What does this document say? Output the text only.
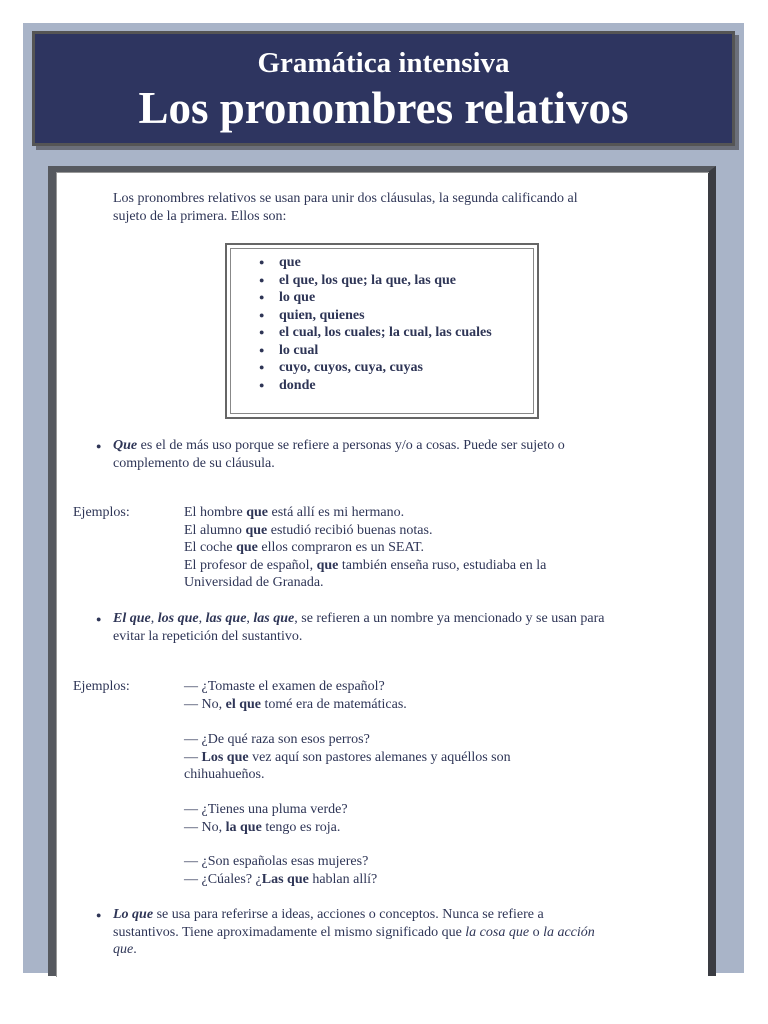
Gramática intensiva
Los pronombres relativos
Los pronombres relativos se usan para unir dos cláusulas, la segunda calificando al
sujeto de la primera. Ellos son:
● que
● el que, los que; la que, las que
● lo que
● quien, quienes
● el cual, los cuales; la cual, las cuales
● lo cual
● cuyo, cuyos, cuya, cuyas
● donde
● Que es el de más uso porque se refiere a personas y/o a cosas. Puede ser sujeto o
complemento de su cláusula.
Ejemplos:	El hombre que está allí es mi hermano.
El alumno que estudió recibió buenas notas.
El coche que ellos compraron es un SEAT.
El profesor de español, que también enseña ruso, estudiaba en la
Universidad de Granada.
● El que, los que, las que, las que, se refieren a un nombre ya mencionado y se usan para
evitar la repetición del sustantivo.
Ejemplos:	— ¿Tomaste el examen de español?
— No, el que tomé era de matemáticas.
— ¿De qué raza son esos perros?
— Los que vez aquí son pastores alemanes y aquéllos son
chihuahueños.
— ¿Tienes una pluma verde?
— No, la que tengo es roja.
— ¿Son españolas esas mujeres?
— ¿Cúales? ¿Las que hablan allí?
● Lo que se usa para referirse a ideas, acciones o conceptos. Nunca se refiere a
sustantivos. Tiene aproximadamente el mismo significado que la cosa que o la acción
que.
